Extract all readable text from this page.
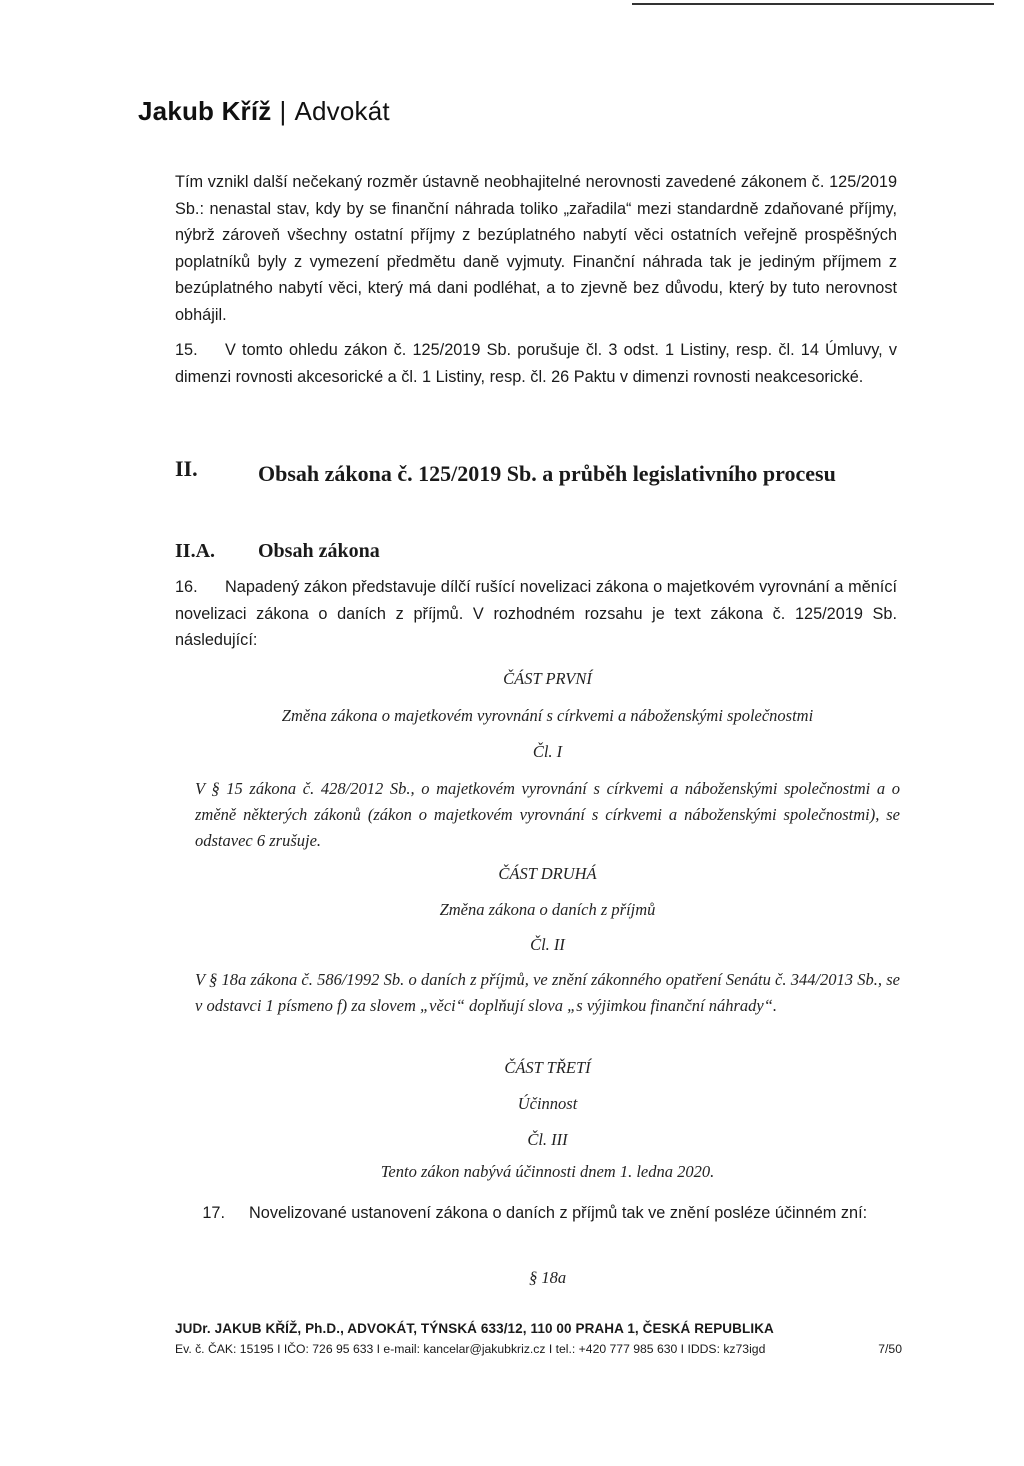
Jakub Kříž | Advokát

Tím vznikl další nečekaný rozměr ústavně neobhajitelné nerovnosti zavedené zákonem č. 125/2019 Sb.: nenastal stav, kdy by se finanční náhrada toliko „zařadila“ mezi standardně zdaňované příjmy, nýbrž zároveň všechny ostatní příjmy z bezúplatného nabytí věci ostatních veřejně prospěšných poplatníků byly z vymezení předmětu daně vyjmuty. Finanční náhrada tak je jediným příjmem z bezúplatného nabytí věci, který má dani podléhat, a to zjevně bez důvodu, který by tuto nerovnost obhájil.

15. V tomto ohledu zákon č. 125/2019 Sb. porušuje čl. 3 odst. 1 Listiny, resp. čl. 14 Úmluvy, v dimenzi rovnosti akcesorické a čl. 1 Listiny, resp. čl. 26 Paktu v dimenzi rovnosti neakcesorické.

II.	Obsah zákona č. 125/2019 Sb. a průběh legislativního procesu
II.A. Obsah zákona

16. Napadený zákon představuje dílčí rušící novelizaci zákona o majetkovém vyrovnání a měnící novelizaci zákona o daních z příjmů. V rozhodném rozsahu je text zákona č. 125/2019 Sb. následující:

ČÁST PRVNÍ
Změna zákona o majetkovém vyrovnání s církvemi a náboženskými společnostmi
Čl. I
V § 15 zákona č. 428/2012 Sb., o majetkovém vyrovnání s církvemi a náboženskými společnostmi a o změně některých zákonů (zákon o majetkovém vyrovnání s církvemi a náboženskými společnostmi), se odstavec 6 zrušuje.
ČÁST DRUHÁ
Změna zákona o daních z příjmů
Čl. II
V § 18a zákona č. 586/1992 Sb. o daních z příjmů, ve znění zákonného opatření Senátu č. 344/2013 Sb., se v odstavci 1 písmeno f) za slovem „věci“ doplňují slova „s výjimkou finanční náhrady“.
ČÁST TŘETÍ
Účinnost
Čl. III
Tento zákon nabývá účinnosti dnem 1. ledna 2020.

17. Novelizované ustanovení zákona o daních z příjmů tak ve znění posléze účinném zní:

§ 18a
JUDr. JAKUB KŘÍŽ, Ph.D., ADVOKÁT, TÝNSKÁ 633/12, 110 00 PRAHA 1, ČESKÁ REPUBLIKA
Ev. č. ČAK: 15195 I IČO: 726 95 633 I e-mail: kancelar@jakubkriz.cz I tel.: +420 777 985 630 I IDDS: kz73igd	7/50
